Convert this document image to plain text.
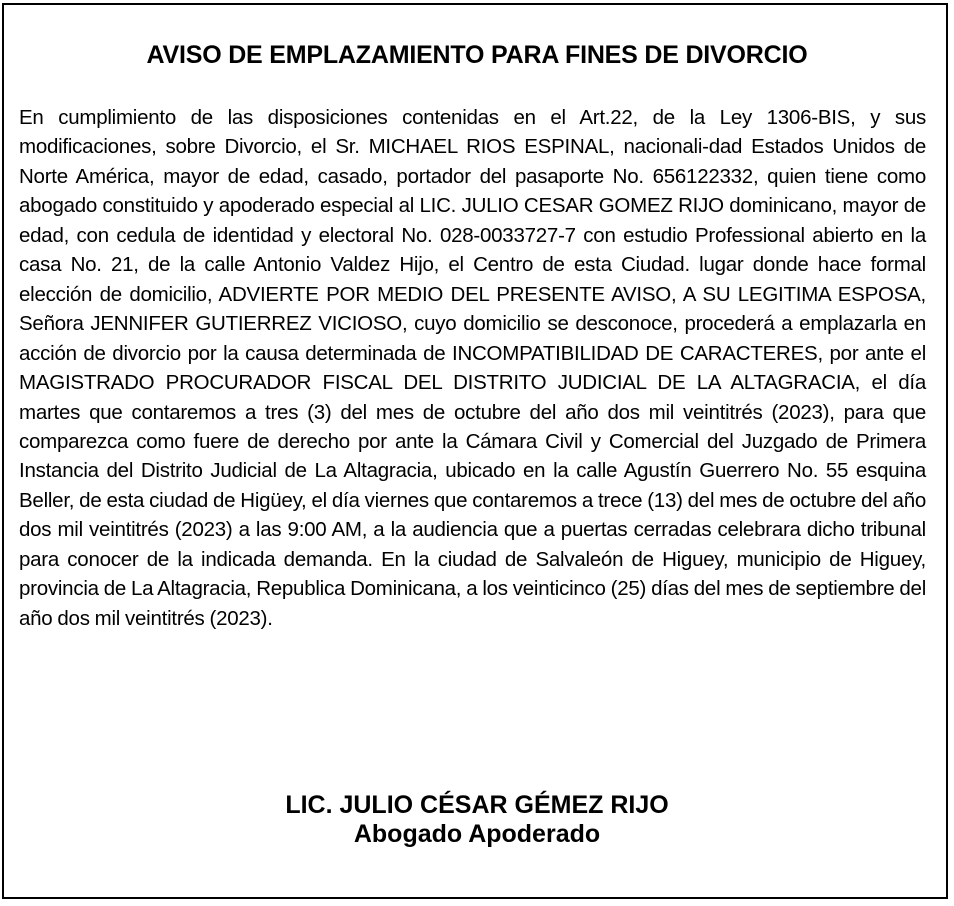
AVISO DE EMPLAZAMIENTO PARA FINES DE DIVORCIO

En cumplimiento de las disposiciones contenidas en el Art.22, de la Ley 1306-BIS, y sus modificaciones, sobre Divorcio, el Sr. MICHAEL RIOS ESPINAL, nacionali-dad Estados Unidos de Norte América, mayor de edad, casado, portador del pasaporte No. 656122332, quien tiene como abogado constituido y apoderado especial al LIC. JULIO CESAR GOMEZ RIJO dominicano, mayor de edad, con cedula de identidad y electoral No. 028-0033727-7 con estudio Professional abierto en la casa No. 21, de la calle Antonio Valdez Hijo, el Centro de esta Ciudad. lugar donde hace formal elección de domicilio, ADVIERTE POR MEDIO DEL PRESENTE AVISO, A SU LEGITIMA ESPOSA, Señora JENNIFER GUTIERREZ VICIOSO, cuyo domicilio se desconoce, procederá a emplazarla en acción de divorcio por la causa determinada de INCOMPATIBILIDAD DE CARACTERES, por ante el MAGISTRADO PROCURADOR FISCAL DEL DISTRITO JUDICIAL DE LA ALTAGRACIA, el día martes que contaremos a tres (3) del mes de octubre del año dos mil veintitrés (2023), para que comparezca como fuere de derecho por ante la Cámara Civil y Comercial del Juzgado de Primera Instancia del Distrito Judicial de La Altagracia, ubicado en la calle Agustín Guerrero No. 55 esquina Beller, de esta ciudad de Higüey, el día viernes que contaremos a trece (13) del mes de octubre del año dos mil veintitrés (2023) a las 9:00 AM, a la audiencia que a puertas cerradas celebrara dicho tribunal para conocer de la indicada demanda. En la ciudad de Salvaleón de Higuey, municipio de Higuey, provincia de La Altagracia, Republica Dominicana, a los veinticinco (25) días del mes de septiembre del año dos mil veintitrés (2023).

LIC. JULIO CÉSAR GÉMEZ RIJO
Abogado Apoderado
